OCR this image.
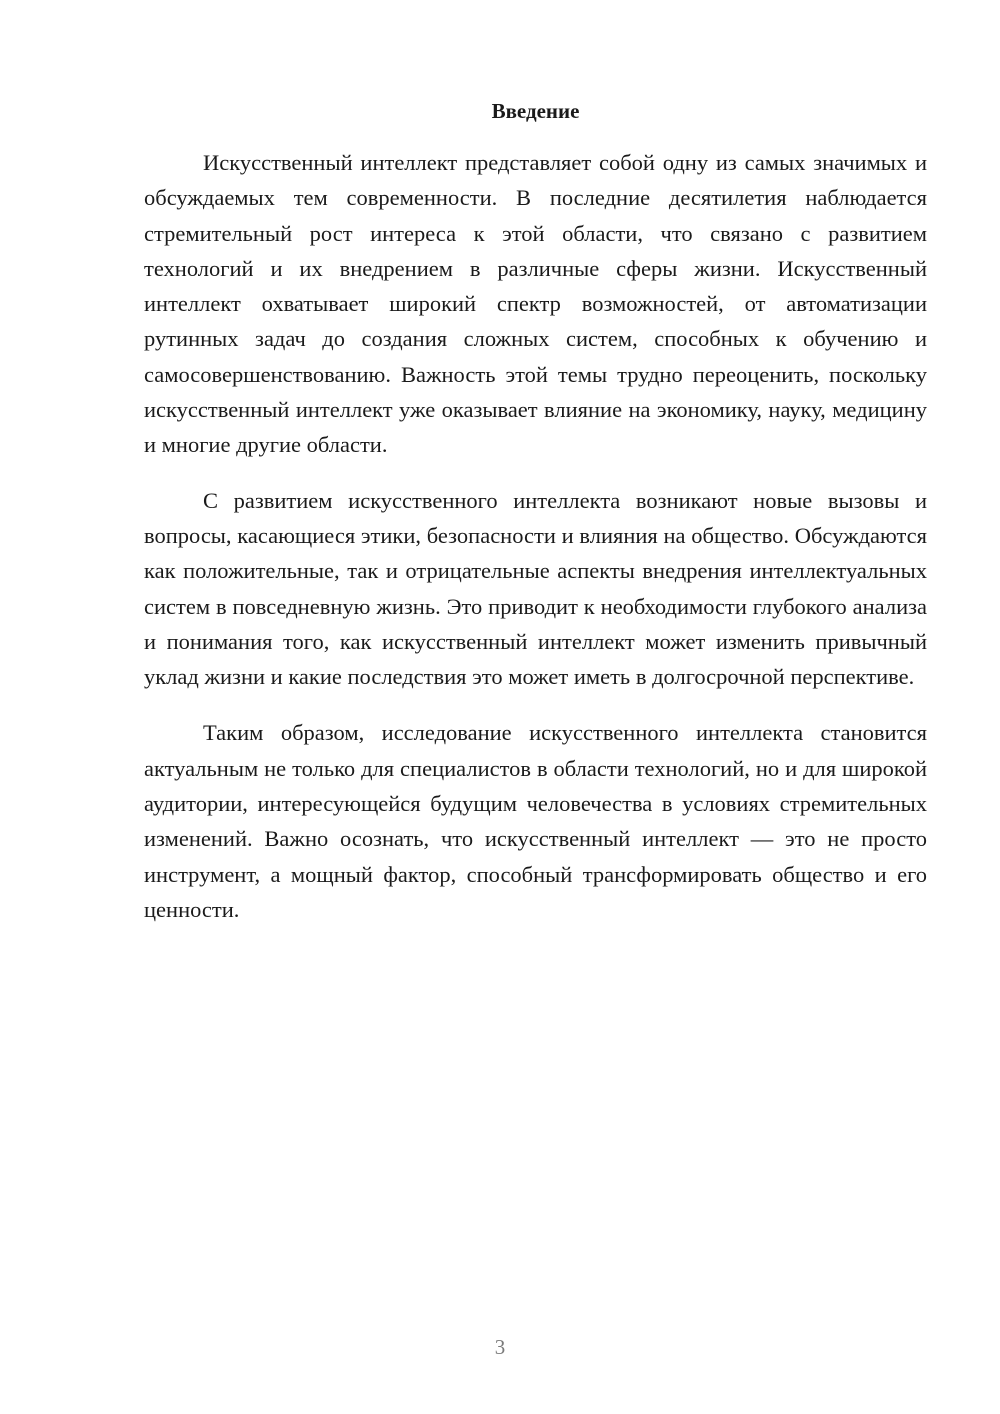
Введение

Искусственный интеллект представляет собой одну из самых значимых и обсуждаемых тем современности. В последние десятилетия наблюдается стремительный рост интереса к этой области, что связано с развитием технологий и их внедрением в различные сферы жизни. Искусственный интеллект охватывает широкий спектр возможностей, от автоматизации рутинных задач до создания сложных систем, способных к обучению и самосовершенствованию. Важность этой темы трудно переоценить, поскольку искусственный интеллект уже оказывает влияние на экономику, науку, медицину и многие другие области.

С развитием искусственного интеллекта возникают новые вызовы и вопросы, касающиеся этики, безопасности и влияния на общество. Обсуждаются как положительные, так и отрицательные аспекты внедрения интеллектуальных систем в повседневную жизнь. Это приводит к необходимости глубокого анализа и понимания того, как искусственный интеллект может изменить привычный уклад жизни и какие последствия это может иметь в долгосрочной перспективе.

Таким образом, исследование искусственного интеллекта становится актуальным не только для специалистов в области технологий, но и для широкой аудитории, интересующейся будущим человечества в условиях стремительных изменений. Важно осознать, что искусственный интеллект — это не просто инструмент, а мощный фактор, способный трансформировать общество и его ценности.

3
